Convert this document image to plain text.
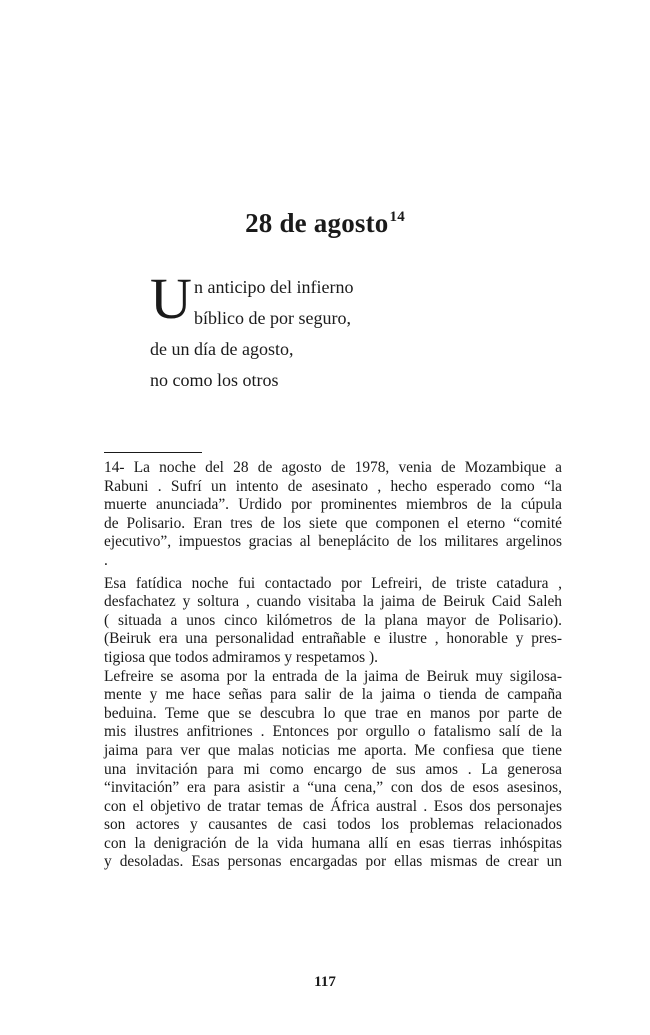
28 de agosto$^{14}$
U n anticipo del infierno
bíblico de por seguro,
de un día de agosto,
no como los otros

14- La noche del 28 de agosto de 1978, venia de Mozambique a
Rabuni . Sufrí un intento de asesinato , hecho esperado como “la
muerte anunciada”. Urdido por prominentes miembros de la cúpula
de Polisario. Eran tres de los siete que componen el eterno “comité
ejecutivo”, impuestos gracias al beneplácito de los militares argelinos
.

Esa fatídica noche fui contactado por Lefreiri, de triste catadura ,
desfachatez y soltura , cuando visitaba la jaima de Beiruk Caid Saleh
( situada a unos cinco kilómetros de la plana mayor de Polisario).
(Beiruk era una personalidad entrañable e ilustre , honorable y pres-
tigiosa que todos admiramos y respetamos ).

Lefreire se asoma por la entrada de la jaima de Beiruk muy sigilosa-
mente y me hace señas para salir de la jaima o tienda de campaña
beduina. Teme que se descubra lo que trae en manos por parte de
mis ilustres anfitriones . Entonces por orgullo o fatalismo salí de la
jaima para ver que malas noticias me aporta. Me confiesa que tiene
una invitación para mi como encargo de sus amos . La generosa
“invitación” era para asistir a “una cena,” con dos de esos asesinos,
con el objetivo de tratar temas de África austral . Esos dos personajes
son actores y causantes de casi todos los problemas relacionados
con la denigración de la vida humana allí en esas tierras inhóspitas
y desoladas. Esas personas encargadas por ellas mismas de crear un

117
